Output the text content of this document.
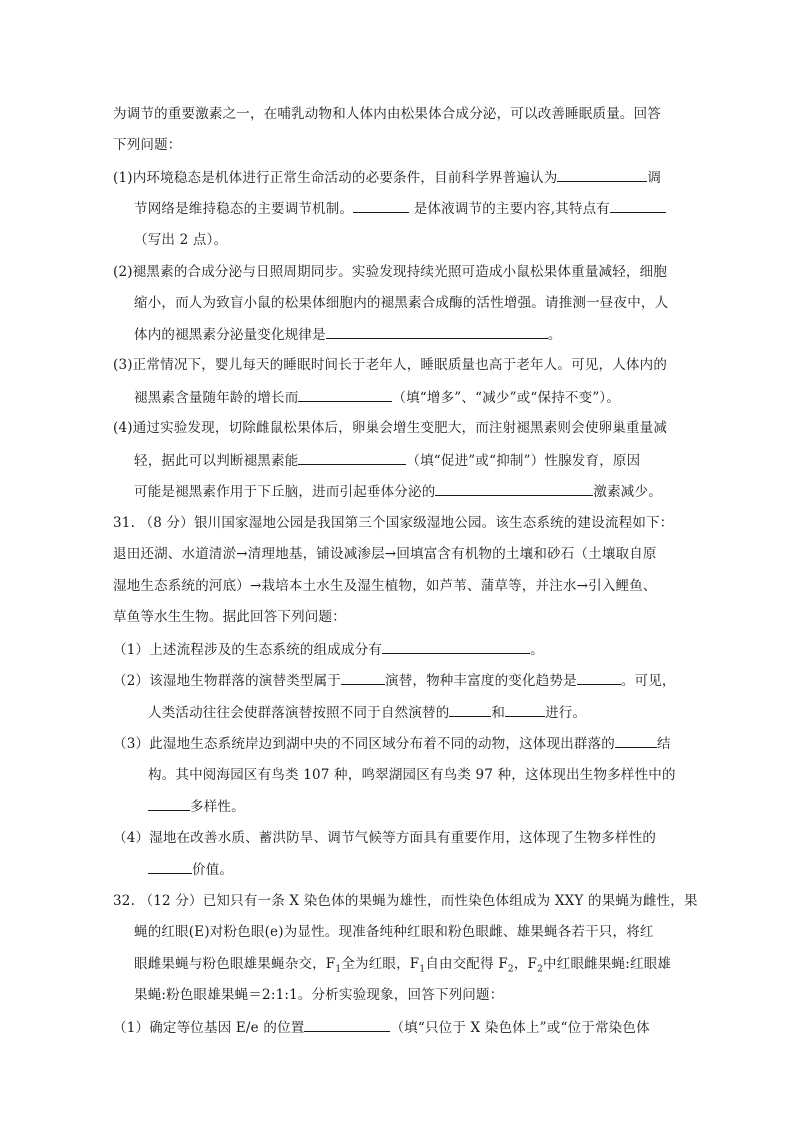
为调节的重要激素之一，在哺乳动物和人体内由松果体合成分泌，可以改善睡眠质量。回答
下列问题：
(1)内环境稳态是机体进行正常生命活动的必要条件，目前科学界普遍认为	调
节网络是维持稳态的主要调节机制。	是体液调节的主要内容,其特点有
（写出 2 点）。
(2)褪黑素的合成分泌与日照周期同步。实验发现持续光照可造成小鼠松果体重量减轻，细胞
缩小，而人为致盲小鼠的松果体细胞内的褪黑素合成酶的活性增强。请推测一昼夜中，人
体内的褪黑素分泌量变化规律是	。
(3)正常情况下，婴儿每天的睡眠时间长于老年人，睡眠质量也高于老年人。可见，人体内的
褪黑素含量随年龄的增长而	（填“增多”、“减少”或“保持不变”）。
(4)通过实验发现，切除雌鼠松果体后，卵巢会增生变肥大，而注射褪黑素则会使卵巢重量减
轻，据此可以判断褪黑素能	（填“促进”或“抑制”）性腺发育，原因
可能是褪黑素作用于下丘脑，进而引起垂体分泌的	激素减少。
31. （8 分）银川国家湿地公园是我国第三个国家级湿地公园。该生态系统的建设流程如下：
退田还湖、水道清淤→清理地基，铺设减渗层→回填富含有机物的土壤和砂石（土壤取自原
湿地生态系统的河底）→栽培本土水生及湿生植物，如芦苇、蒲草等，并注水→引入鲤鱼、
草鱼等水生生物。据此回答下列问题：
（1）上述流程涉及的生态系统的组成成分有	。
（2）该湿地生物群落的演替类型属于	演替，物种丰富度的变化趋势是	。可见，
人类活动往往会使群落演替按照不同于自然演替的	和	进行。
（3）此湿地生态系统岸边到湖中央的不同区域分布着不同的动物，这体现出群落的	结
构。其中阅海园区有鸟类 107 种，鸣翠湖园区有鸟类 97 种，这体现出生物多样性中的
多样性。
（4）湿地在改善水质、蓄洪防旱、调节气候等方面具有重要作用，这体现了生物多样性的
价值。
32. （12 分）已知只有一条 X 染色体的果蝇为雄性，而性染色体组成为 XXY 的果蝇为雌性，果
蝇的红眼(E)对粉色眼(e)为显性。现准备纯种红眼和粉色眼雌、雄果蝇各若干只，将红
眼雌果蝇与粉色眼雄果蝇杂交，$F_1$全为红眼，$F_1$自由交配得 $F_2$，$F_2$中红眼雌果蝇:红眼雄
果蝇:粉色眼雄果蝇＝2:1:1。分析实验现象，回答下列问题：
（1）确定等位基因 E/e 的位置	（填“只位于 X 染色体上”或“位于常染色体
